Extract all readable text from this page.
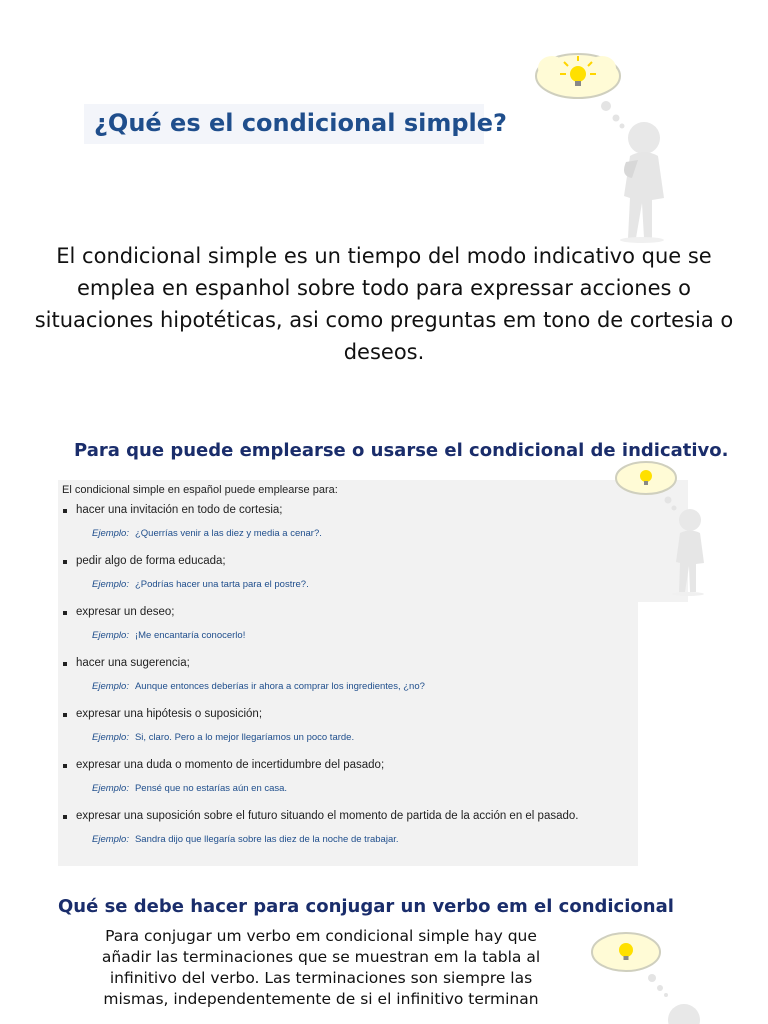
¿Qué es el condicional simple?
El condicional simple es un tiempo del modo indicativo que se emplea en espanhol sobre todo para expressar acciones o situaciones hipotéticas, asi como preguntas em tono de cortesia o deseos.
Para que puede emplearse o usarse el condicional de indicativo.
El condicional simple en español puede emplearse para:
hacer una invitación en todo de cortesia;
Ejemplo: ¿Querrías venir a las diez y media a cenar?.
pedir algo de forma educada;
Ejemplo: ¿Podrías hacer una tarta para el postre?.
expresar un deseo;
Ejemplo: ¡Me encantaría conocerlo!
hacer una sugerencia;
Ejemplo: Aunque entonces deberías ir ahora a comprar los ingredientes, ¿no?
expresar una hipótesis o suposición;
Ejemplo: Si, claro. Pero a lo mejor llegaríamos un poco tarde.
expresar una duda o momento de incertidumbre del pasado;
Ejemplo: Pensé que no estarías aún en casa.
expresar una suposición sobre el futuro situando el momento de partida de la acción en el pasado.
Ejemplo: Sandra dijo que llegaría sobre las diez de la noche de trabajar.
Qué se debe hacer para conjugar un verbo em el condicional
Para conjugar um verbo em condicional simple hay que añadir las terminaciones que se muestran em la tabla al infinitivo del verbo. Las terminaciones son siempre las mismas, independentemente de si el infinitivo terminan
